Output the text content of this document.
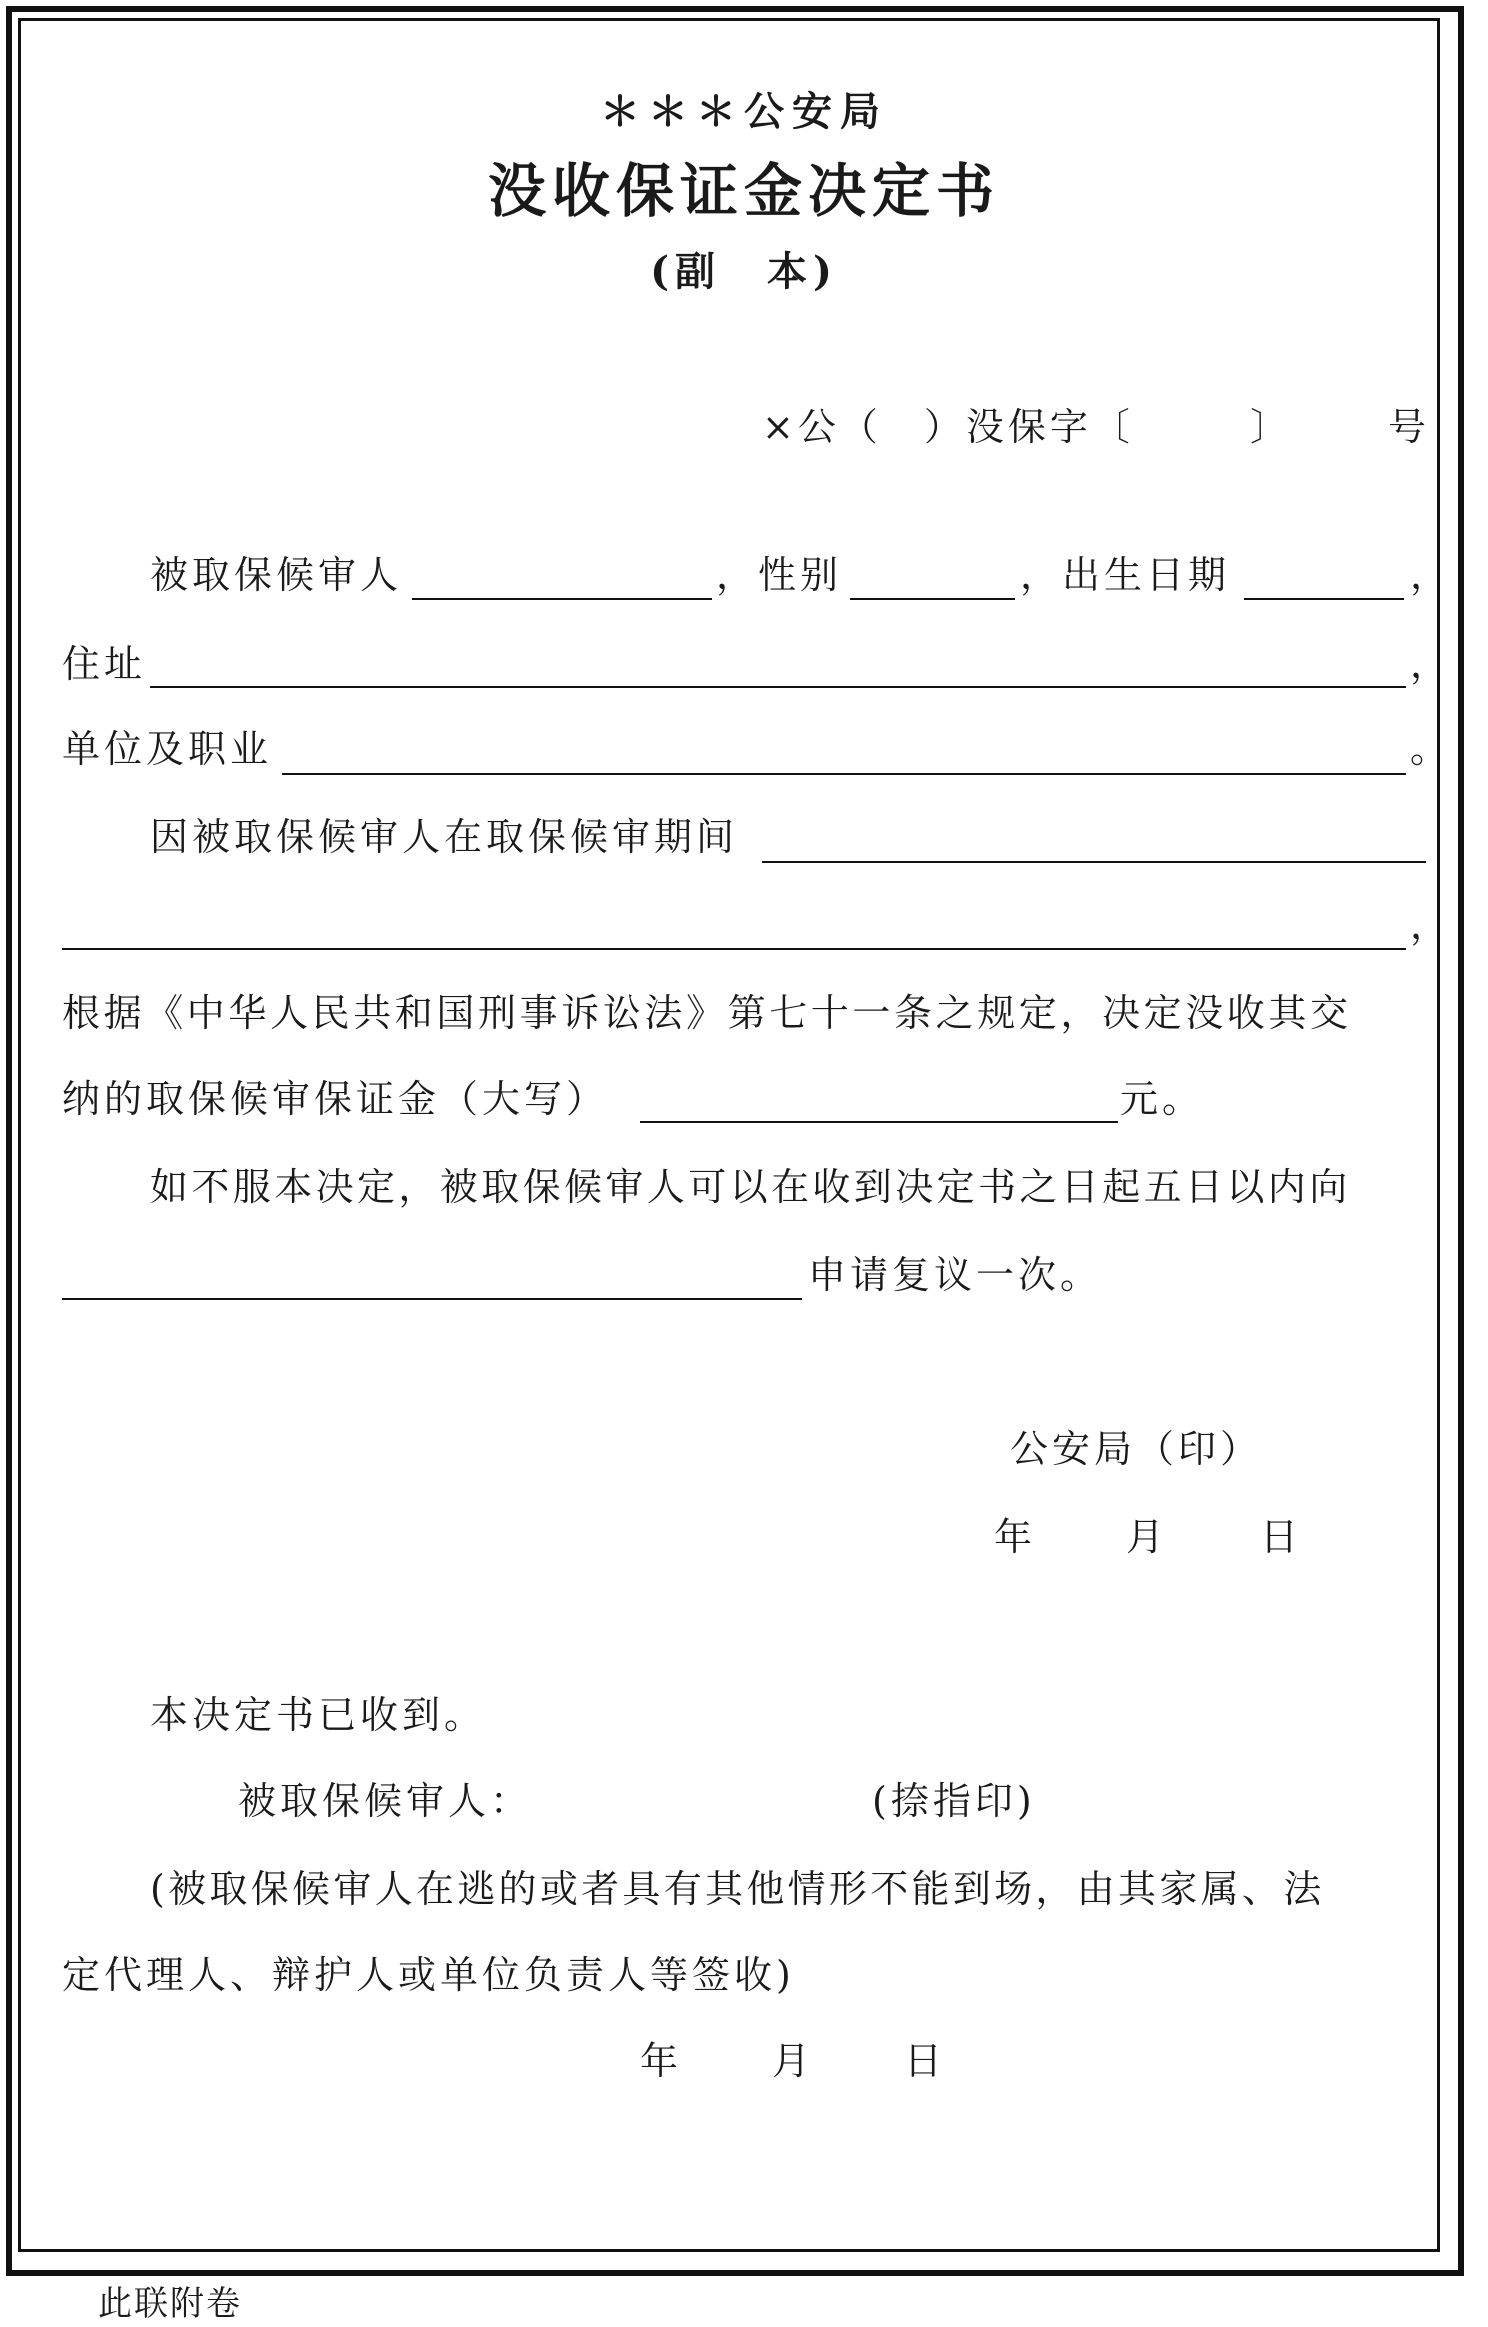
＊＊＊公安局
没收保证金决定书
(副　本)
×公（　）没保字〔	〕	号
被取保候审人	，性别	，出生日期	，
住址	，
单位及职业	。
因被取保候审人在取保候审期间
，
根据《中华人民共和国刑事诉讼法》第七十一条之规定，决定没收其交
纳的取保候审保证金（大写）	元。
如不服本决定，被取保候审人可以在收到决定书之日起五日以内向
申请复议一次。
公安局（印）
年 月 日
本决定书已收到。
被取保候审人：	(捺指印)
(被取保候审人在逃的或者具有其他情形不能到场，由其家属、法
定代理人、辩护人或单位负责人等签收)
年 月 日
此联附卷
